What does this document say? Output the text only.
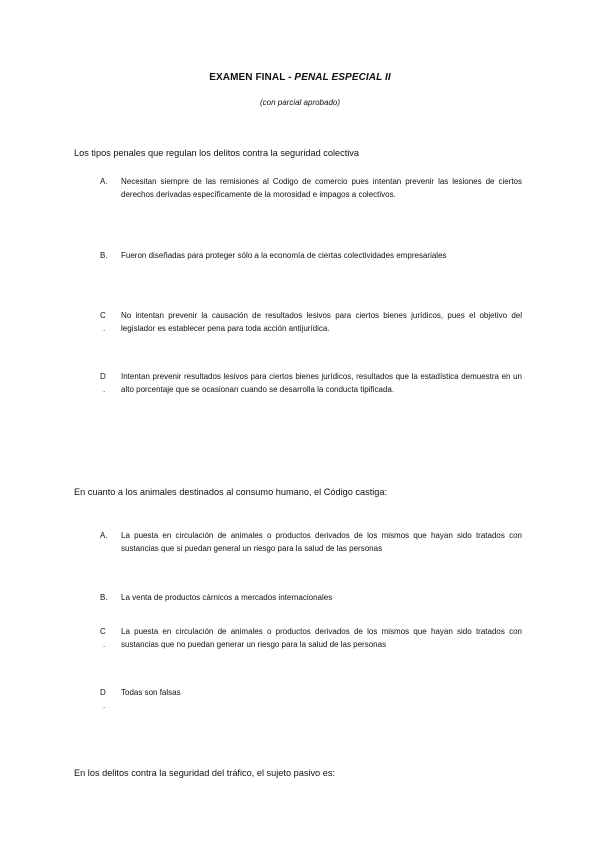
EXAMEN FINAL - PENAL ESPECIAL II
(con parcial aprobado)
Los tipos penales que regulan los delitos contra la seguridad colectiva
A.	Necesitan siempre de las remisiones al Codigo de comercio pues intentan prevenir las lesiones de ciertos derechos derivadas específicamente de la morosidad e impagos a colectivos.
B.	Fueron diseñadas para proteger sólo a la economía de ciertas colectividades empresariales
C
.
No intentan prevenir la causación de resultados lesivos para ciertos bienes jurídicos, pues el objetivo del legislador es establecer pena para toda acción antijurídica.
D
.
Intentan prevenir resultados lesivos para ciertos bienes jurídicos, resultados que la estadística demuestra en un alto porcentaje que se ocasionan cuando se desarrolla la conducta tipificada.
En cuanto a los animales destinados al consumo humano, el Código castiga:
A.	La puesta en circulación de animales o productos derivados de los mismos que hayan sido tratados con sustancias que si puedan general un riesgo para la salud de las personas
B.	La venta de productos cárnicos a mercados internacionales
C
.
La puesta en circulación de animales o productos derivados de los mismos que hayan sido tratados con sustancias que no puedan generar un riesgo para la salud de las personas
D
.
Todas son falsas
En los delitos contra la seguridad del tráfico, el sujeto pasivo es:
